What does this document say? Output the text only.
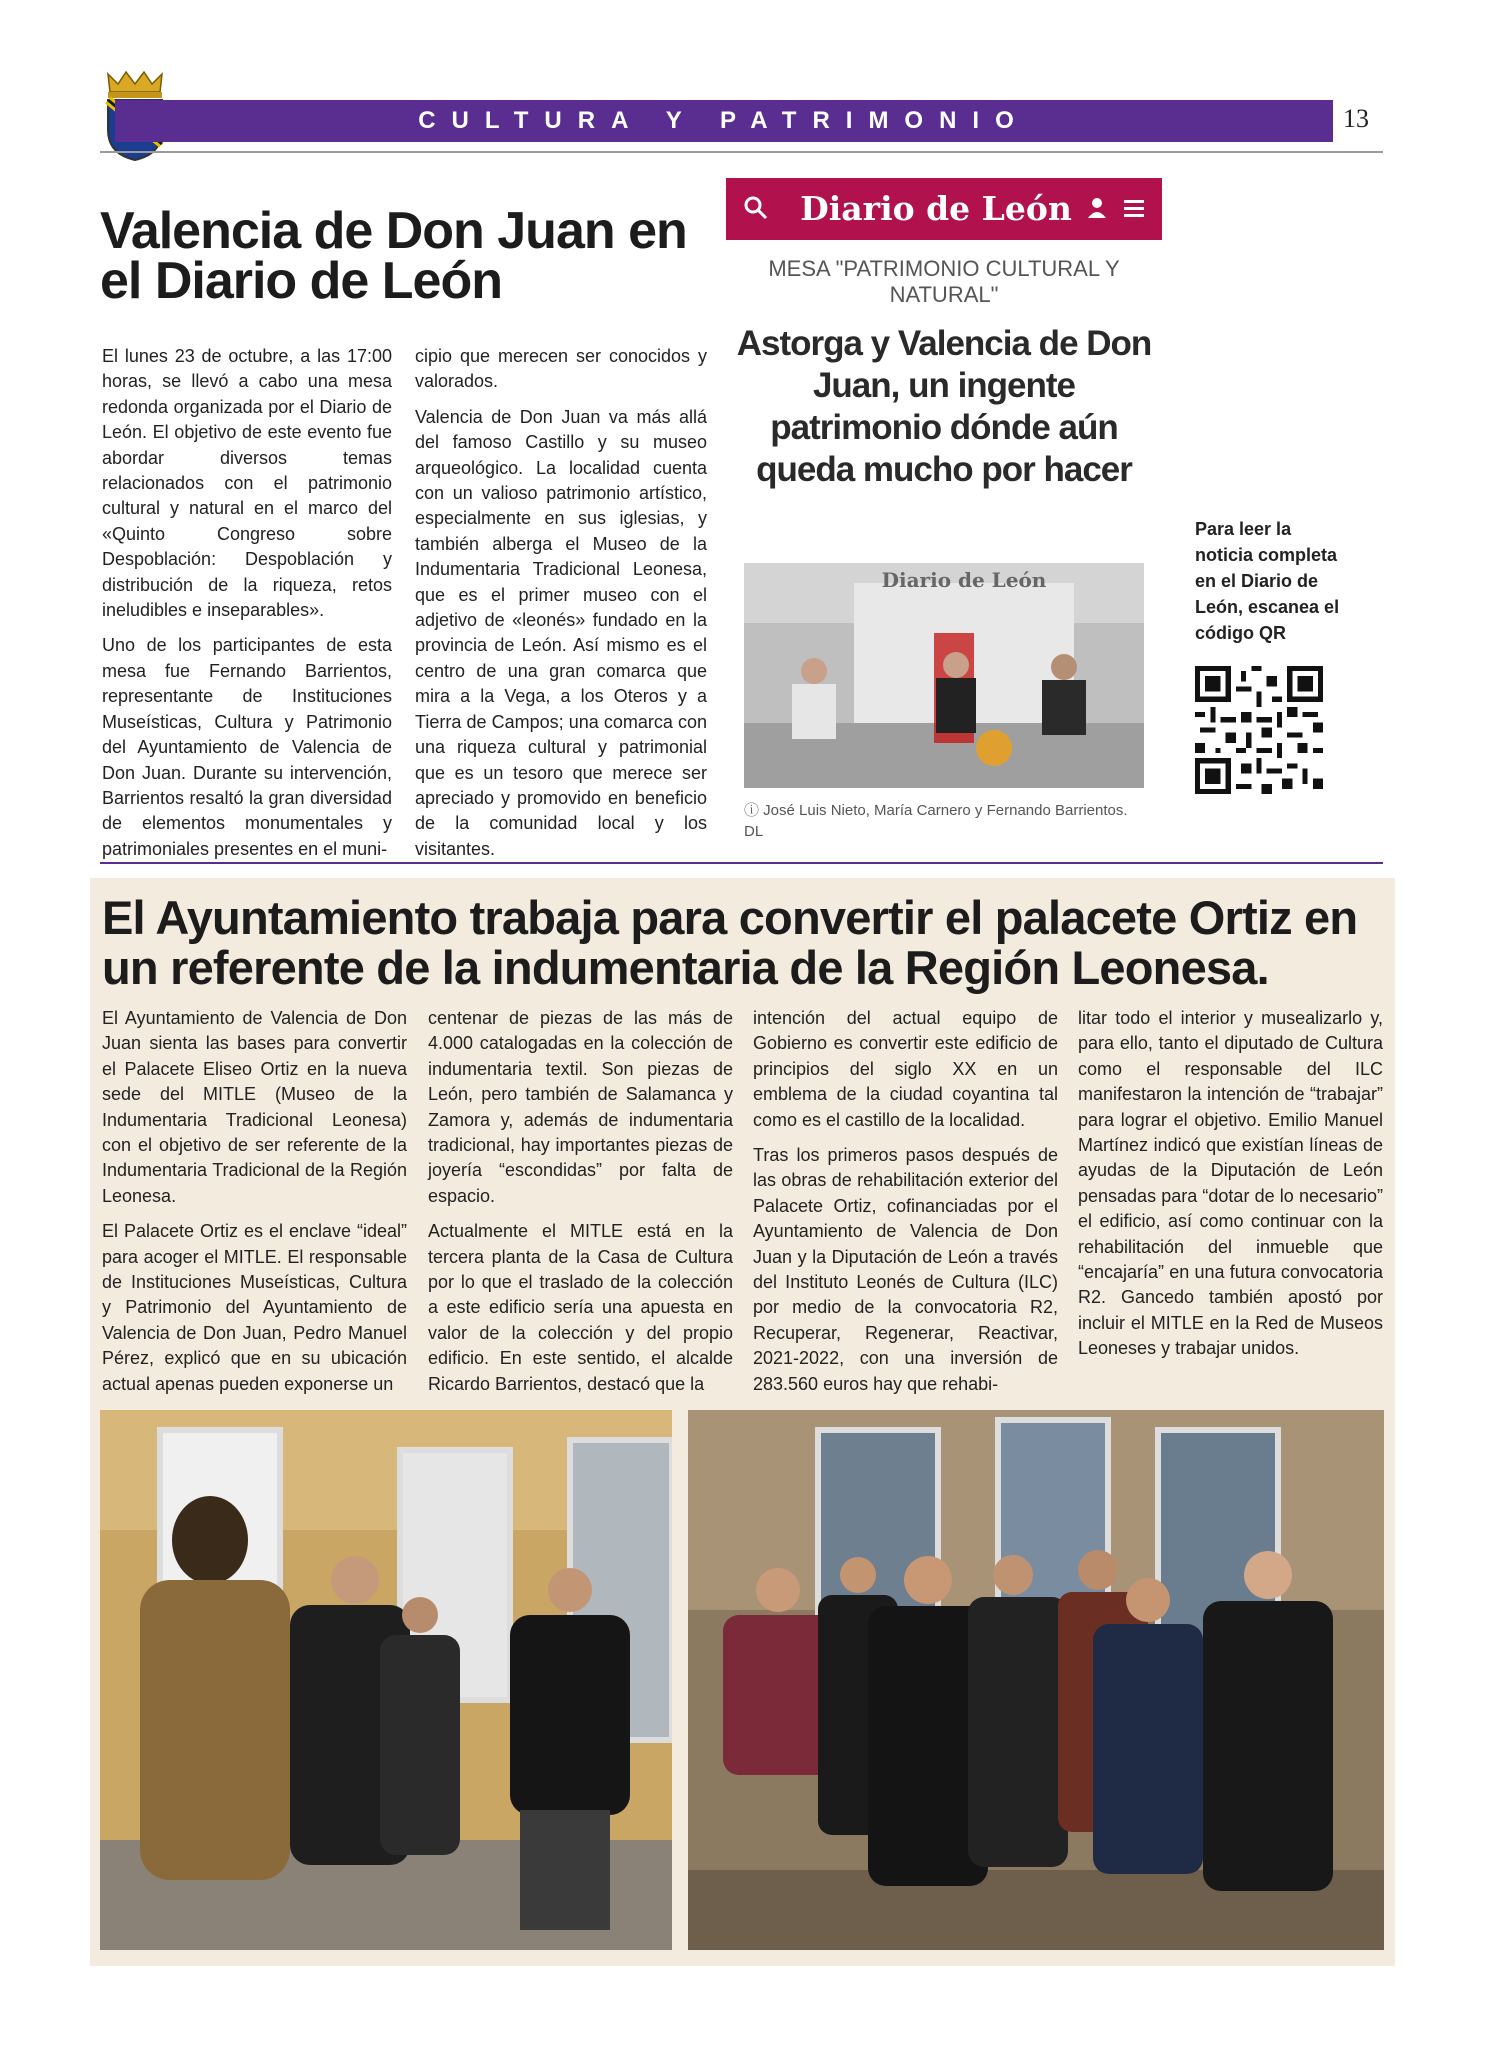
CULTURA Y PATRIMONIO	13
Valencia de Don Juan en el Diario de León

El lunes 23 de octubre, a las 17:00 horas, se llevó a cabo una mesa redonda organizada por el Diario de León. El objetivo de este evento fue abordar diversos temas relacionados con el patrimonio cultural y natural en el marco del «Quinto Congreso sobre Despoblación: Despoblación y distribución de la riqueza, retos ineludibles e inseparables».

Uno de los participantes de esta mesa fue Fernando Barrientos, representante de Instituciones Museísticas, Cultura y Patrimonio del Ayuntamiento de Valencia de Don Juan. Durante su intervención, Barrientos resaltó la gran diversidad de elementos monumentales y patrimoniales presentes en el muni-

cipio que merecen ser conocidos y valorados.

Valencia de Don Juan va más allá del famoso Castillo y su museo arqueológico. La localidad cuenta con un valioso patrimonio artístico, especialmente en sus iglesias, y también alberga el Museo de la Indumentaria Tradicional Leonesa, que es el primer museo con el adjetivo de «leonés» fundado en la provincia de León. Así mismo es el centro de una gran comarca que mira a la Vega, a los Oteros y a Tierra de Campos; una comarca con una riqueza cultural y patrimonial que es un tesoro que merece ser apreciado y promovido en beneficio de la comunidad local y los visitantes.

Diario de León
MESA "PATRIMONIO CULTURAL Y NATURAL"
Astorga y Valencia de Don Juan, un ingente patrimonio dónde aún queda mucho por hacer
Diario de León
ⓘ José Luis Nieto, María Carnero y Fernando Barrientos. DL
Para leer la noticia completa en el Diario de León, escanea el código QR
El Ayuntamiento trabaja para convertir el palacete Ortiz en un referente de la indumentaria de la Región Leonesa.

El Ayuntamiento de Valencia de Don Juan sienta las bases para convertir el Palacete Eliseo Ortiz en la nueva sede del MITLE (Museo de la Indumentaria Tradicional Leonesa) con el objetivo de ser referente de la Indumentaria Tradicional de la Región Leonesa.

El Palacete Ortiz es el enclave “ideal” para acoger el MITLE. El responsable de Instituciones Museísticas, Cultura y Patrimonio del Ayuntamiento de Valencia de Don Juan, Pedro Manuel Pérez, explicó que en su ubicación actual apenas pueden exponerse un

centenar de piezas de las más de 4.000 catalogadas en la colección de indumentaria textil. Son piezas de León, pero también de Salamanca y Zamora y, además de indumentaria tradicional, hay importantes piezas de joyería “escondidas” por falta de espacio.

Actualmente el MITLE está en la tercera planta de la Casa de Cultura por lo que el traslado de la colección a este edificio sería una apuesta en valor de la colección y del propio edificio. En este sentido, el alcalde Ricardo Barrientos, destacó que la

intención del actual equipo de Gobierno es convertir este edificio de principios del siglo XX en un emblema de la ciudad coyantina tal como es el castillo de la localidad.

Tras los primeros pasos después de las obras de rehabilitación exterior del Palacete Ortiz, cofinanciadas por el Ayuntamiento de Valencia de Don Juan y la Diputación de León a través del Instituto Leonés de Cultura (ILC) por medio de la convocatoria R2, Recuperar, Regenerar, Reactivar, 2021-2022, con una inversión de 283.560 euros hay que rehabi-

litar todo el interior y musealizarlo y, para ello, tanto el diputado de Cultura como el responsable del ILC manifestaron la intención de “trabajar” para lograr el objetivo. Emilio Manuel Martínez indicó que existían líneas de ayudas de la Diputación de León pensadas para “dotar de lo necesario” el edificio, así como continuar con la rehabilitación del inmueble que “encajaría” en una futura convocatoria R2. Gancedo también apostó por incluir el MITLE en la Red de Museos Leoneses y trabajar unidos.
